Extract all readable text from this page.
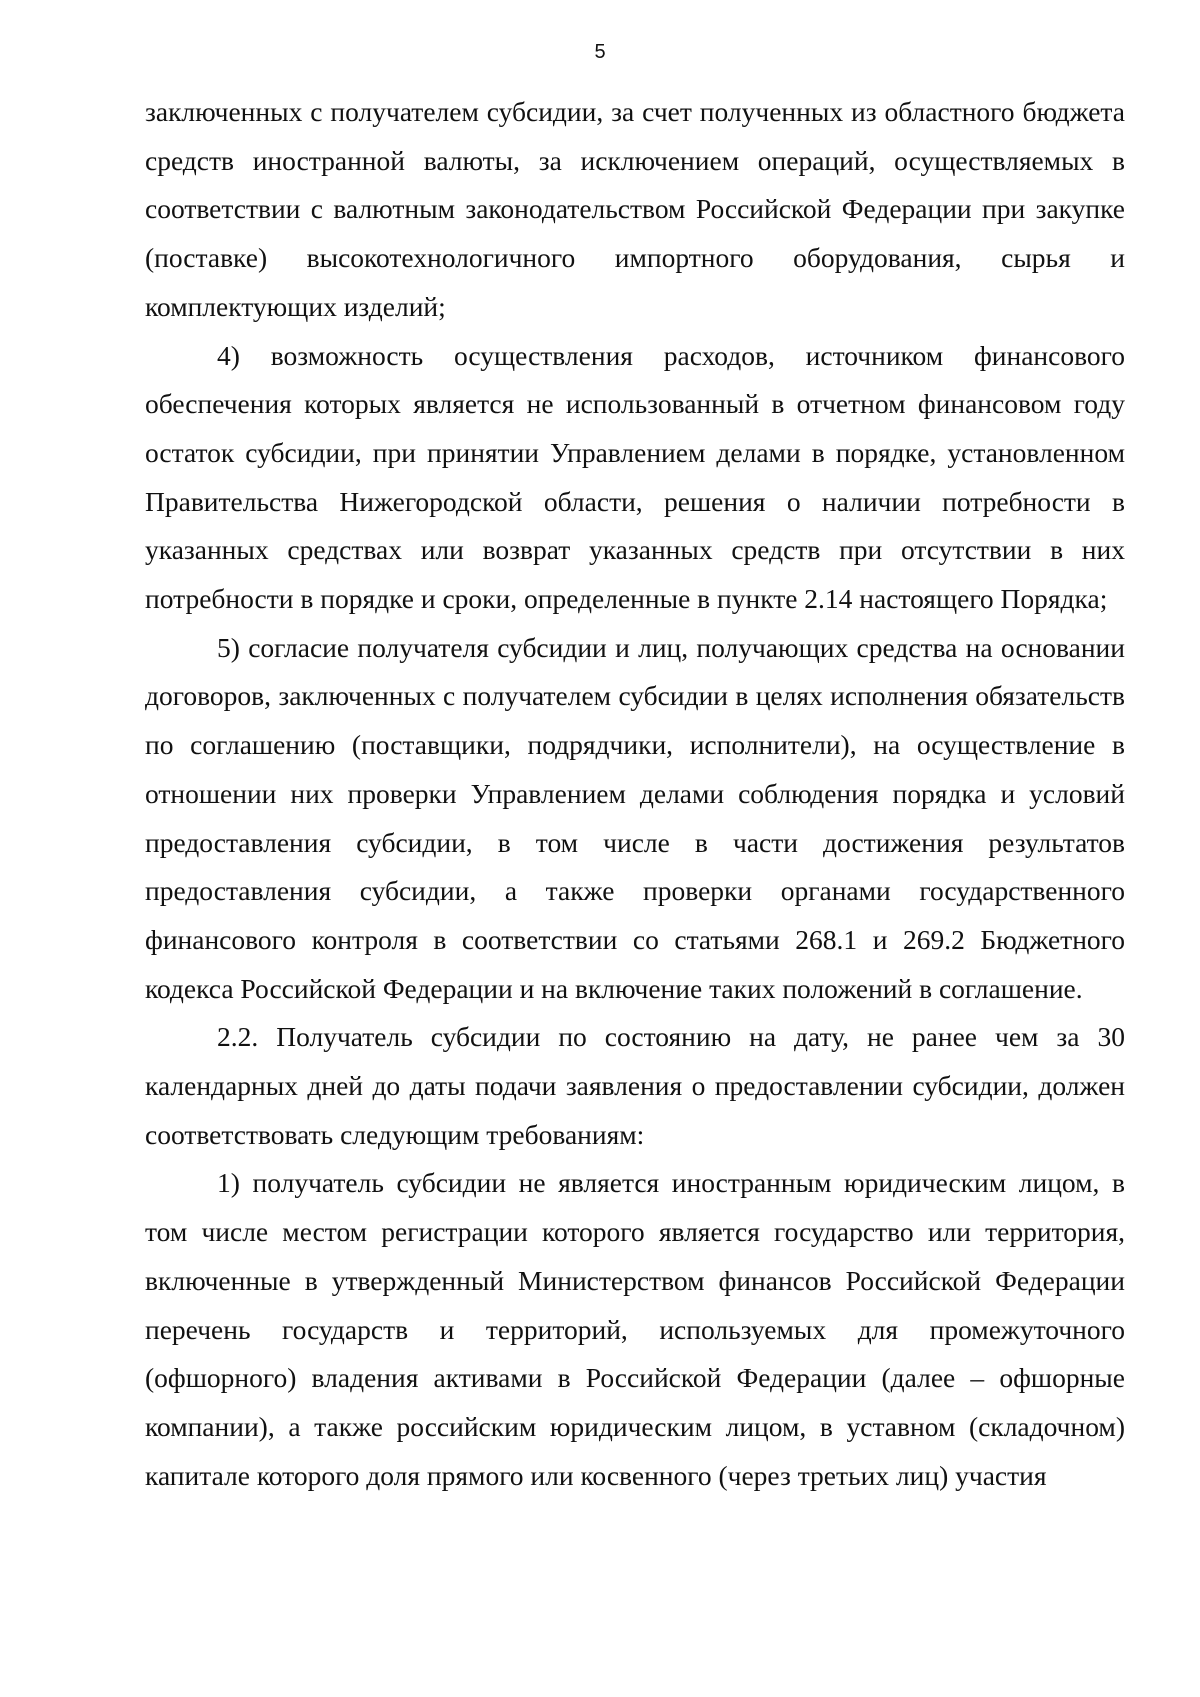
5

заключенных с получателем субсидии, за счет полученных из областного бюджета средств иностранной валюты, за исключением операций, осуществляемых в соответствии с валютным законодательством Российской Федерации при закупке (поставке) высокотехнологичного импортного оборудования, сырья и комплектующих изделий;

4) возможность осуществления расходов, источником финансового обеспечения которых является не использованный в отчетном финансовом году остаток субсидии, при принятии Управлением делами в порядке, установленном Правительства Нижегородской области, решения о наличии потребности в указанных средствах или возврат указанных средств при отсутствии в них потребности в порядке и сроки, определенные в пункте 2.14 настоящего Порядка;

5) согласие получателя субсидии и лиц, получающих средства на основании договоров, заключенных с получателем субсидии в целях исполнения обязательств по соглашению (поставщики, подрядчики, исполнители), на осуществление в отношении них проверки Управлением делами соблюдения порядка и условий предоставления субсидии, в том числе в части достижения результатов предоставления субсидии, а также проверки органами государственного финансового контроля в соответствии со статьями 268.1 и 269.2 Бюджетного кодекса Российской Федерации и на включение таких положений в соглашение.

2.2. Получатель субсидии по состоянию на дату, не ранее чем за 30 календарных дней до даты подачи заявления о предоставлении субсидии, должен соответствовать следующим требованиям:

1) получатель субсидии не является иностранным юридическим лицом, в том числе местом регистрации которого является государство или территория, включенные в утвержденный Министерством финансов Российской Федерации перечень государств и территорий, используемых для промежуточного (офшорного) владения активами в Российской Федерации (далее – офшорные компании), а также российским юридическим лицом, в уставном (складочном) капитале которого доля прямого или косвенного (через третьих лиц) участия
